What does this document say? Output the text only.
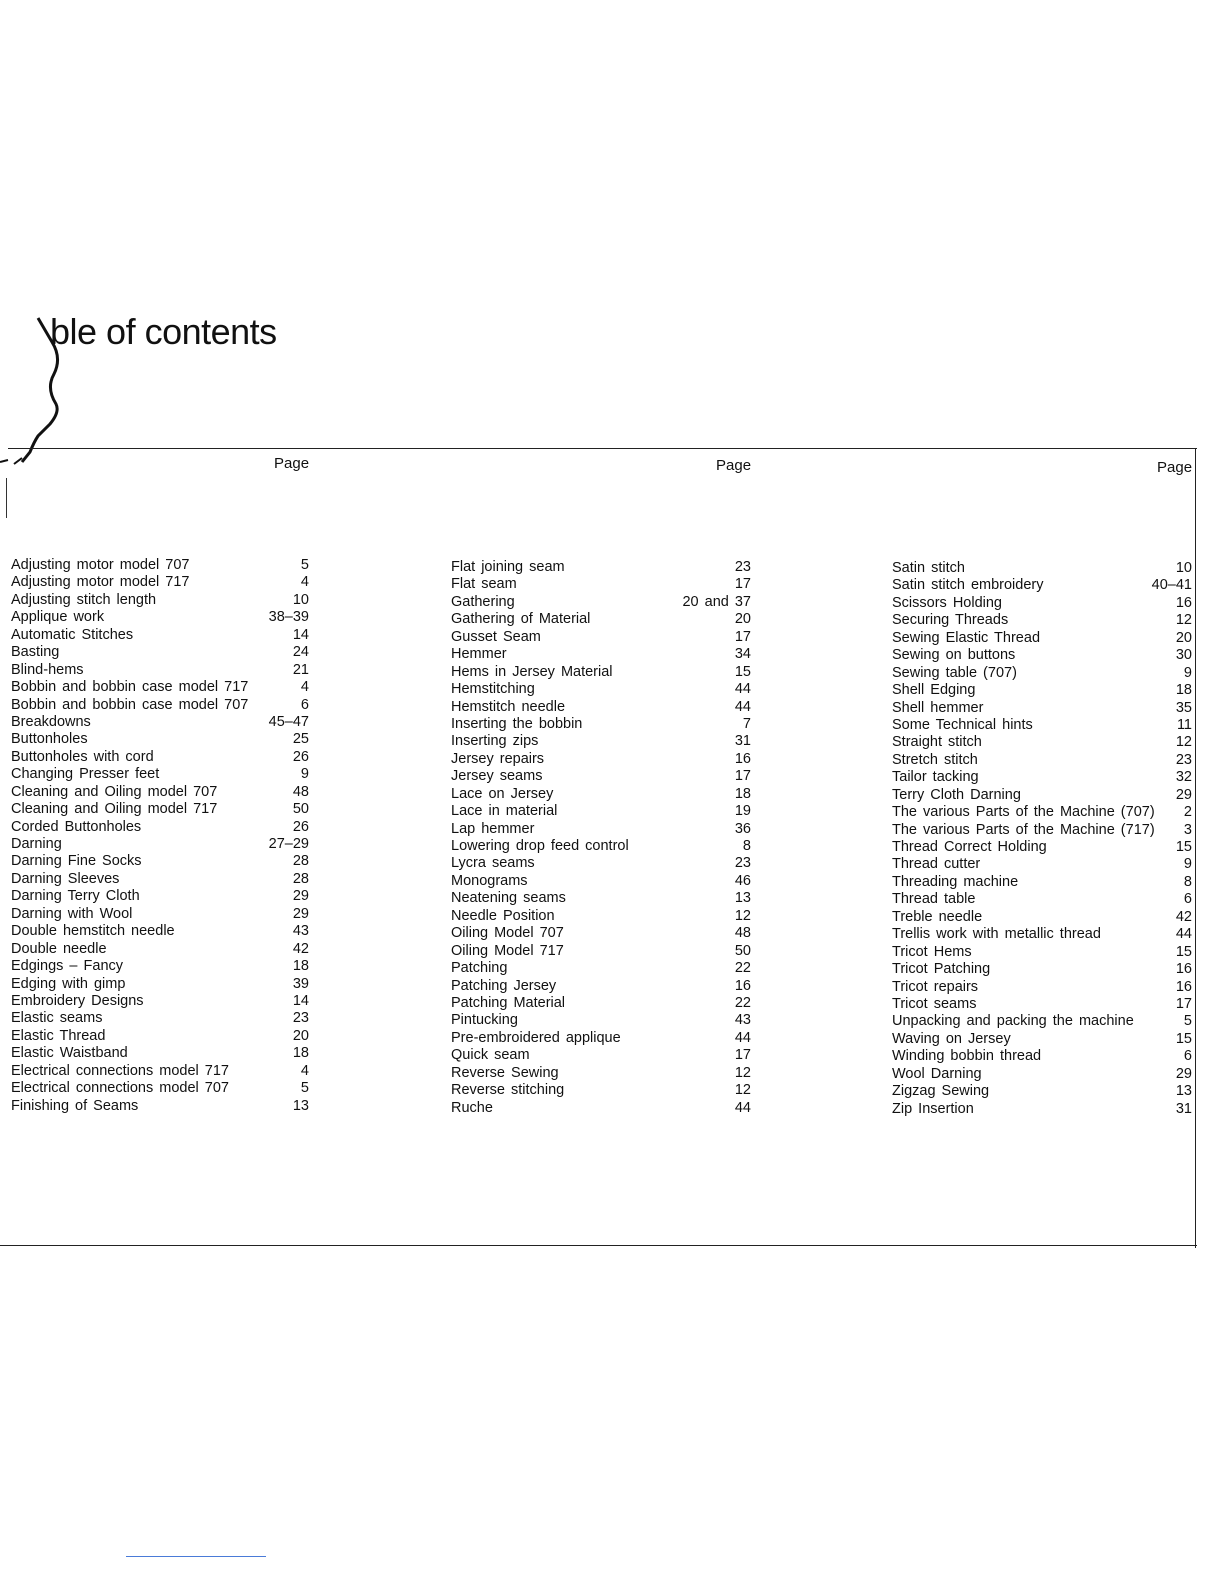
ble of contents
Page	Page	Page
Adjusting motor model 707	5
Adjusting motor model 717	4
Adjusting stitch length	10
Applique work	38–39
Automatic Stitches	14
Basting	24
Blind-hems	21
Bobbin and bobbin case model 717	4
Bobbin and bobbin case model 707	6
Breakdowns	45–47
Buttonholes	25
Buttonholes with cord	26
Changing Presser feet	9
Cleaning and Oiling model 707	48
Cleaning and Oiling model 717	50
Corded Buttonholes	26
Darning	27–29
Darning Fine Socks	28
Darning Sleeves	28
Darning Terry Cloth	29
Darning with Wool	29
Double hemstitch needle	43
Double needle	42
Edgings – Fancy	18
Edging with gimp	39
Embroidery Designs	14
Elastic seams	23
Elastic Thread	20
Elastic Waistband	18
Electrical connections model 717	4
Electrical connections model 707	5
Finishing of Seams	13
Flat joining seam	23
Flat seam	17
Gathering	20 and 37
Gathering of Material	20
Gusset Seam	17
Hemmer	34
Hems in Jersey Material	15
Hemstitching	44
Hemstitch needle	44
Inserting the bobbin	7
Inserting zips	31
Jersey repairs	16
Jersey seams	17
Lace on Jersey	18
Lace in material	19
Lap hemmer	36
Lowering drop feed control	8
Lycra seams	23
Monograms	46
Neatening seams	13
Needle Position	12
Oiling Model 707	48
Oiling Model 717	50
Patching	22
Patching Jersey	16
Patching Material	22
Pintucking	43
Pre-embroidered applique	44
Quick seam	17
Reverse Sewing	12
Reverse stitching	12
Ruche	44
Satin stitch	10
Satin stitch embroidery	40–41
Scissors Holding	16
Securing Threads	12
Sewing Elastic Thread	20
Sewing on buttons	30
Sewing table (707)	9
Shell Edging	18
Shell hemmer	35
Some Technical hints	11
Straight stitch	12
Stretch stitch	23
Tailor tacking	32
Terry Cloth Darning	29
The various Parts of the Machine (707) 2
The various Parts of the Machine (717) 3
Thread Correct Holding	15
Thread cutter	9
Threading machine	8
Thread table	6
Treble needle	42
Trellis work with metallic thread	44
Tricot Hems	15
Tricot Patching	16
Tricot repairs	16
Tricot seams	17
Unpacking and packing the machine	5
Waving on Jersey	15
Winding bobbin thread	6
Wool Darning	29
Zigzag Sewing	13
Zip Insertion	31
